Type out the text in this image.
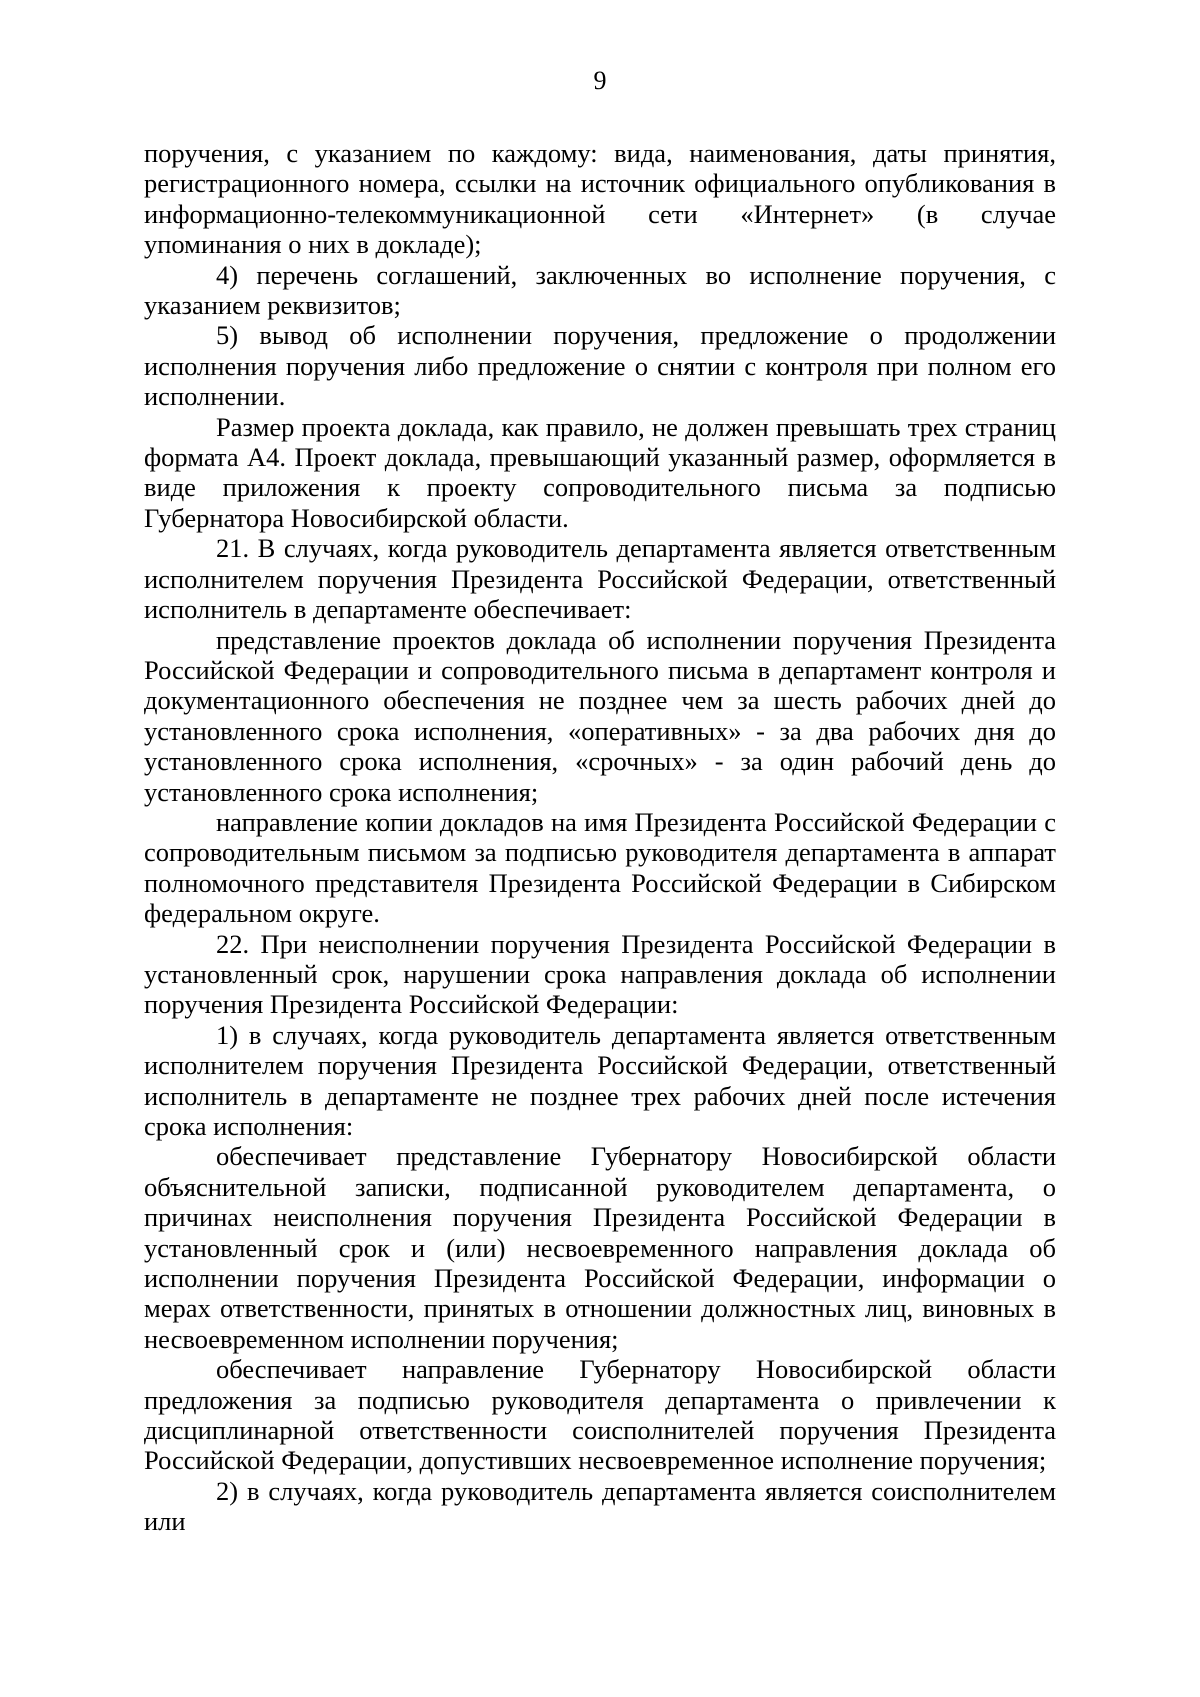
9

поручения, с указанием по каждому: вида, наименования, даты принятия, регистрационного номера, ссылки на источник официального опубликования в информационно-телекоммуникационной сети «Интернет» (в случае упоминания о них в докладе);

4) перечень соглашений, заключенных во исполнение поручения, с указанием реквизитов;

5) вывод об исполнении поручения, предложение о продолжении исполнения поручения либо предложение о снятии с контроля при полном его исполнении.

Размер проекта доклада, как правило, не должен превышать трех страниц формата А4. Проект доклада, превышающий указанный размер, оформляется в виде приложения к проекту сопроводительного письма за подписью Губернатора Новосибирской области.

21. В случаях, когда руководитель департамента является ответственным исполнителем поручения Президента Российской Федерации, ответственный исполнитель в департаменте обеспечивает:

представление проектов доклада об исполнении поручения Президента Российской Федерации и сопроводительного письма в департамент контроля и документационного обеспечения не позднее чем за шесть рабочих дней до установленного срока исполнения, «оперативных» - за два рабочих дня до установленного срока исполнения, «срочных» - за один рабочий день до установленного срока исполнения;

направление копии докладов на имя Президента Российской Федерации с сопроводительным письмом за подписью руководителя департамента в аппарат полномочного представителя Президента Российской Федерации в Сибирском федеральном округе.

22. При неисполнении поручения Президента Российской Федерации в установленный срок, нарушении срока направления доклада об исполнении поручения Президента Российской Федерации:

1) в случаях, когда руководитель департамента является ответственным исполнителем поручения Президента Российской Федерации, ответственный исполнитель в департаменте не позднее трех рабочих дней после истечения срока исполнения:

обеспечивает представление Губернатору Новосибирской области объяснительной записки, подписанной руководителем департамента, о причинах неисполнения поручения Президента Российской Федерации в установленный срок и (или) несвоевременного направления доклада об исполнении поручения Президента Российской Федерации, информации о мерах ответственности, принятых в отношении должностных лиц, виновных в несвоевременном исполнении поручения;

обеспечивает направление Губернатору Новосибирской области предложения за подписью руководителя департамента о привлечении к дисциплинарной ответственности соисполнителей поручения Президента Российской Федерации, допустивших несвоевременное исполнение поручения;

2) в случаях, когда руководитель департамента является соисполнителем или
